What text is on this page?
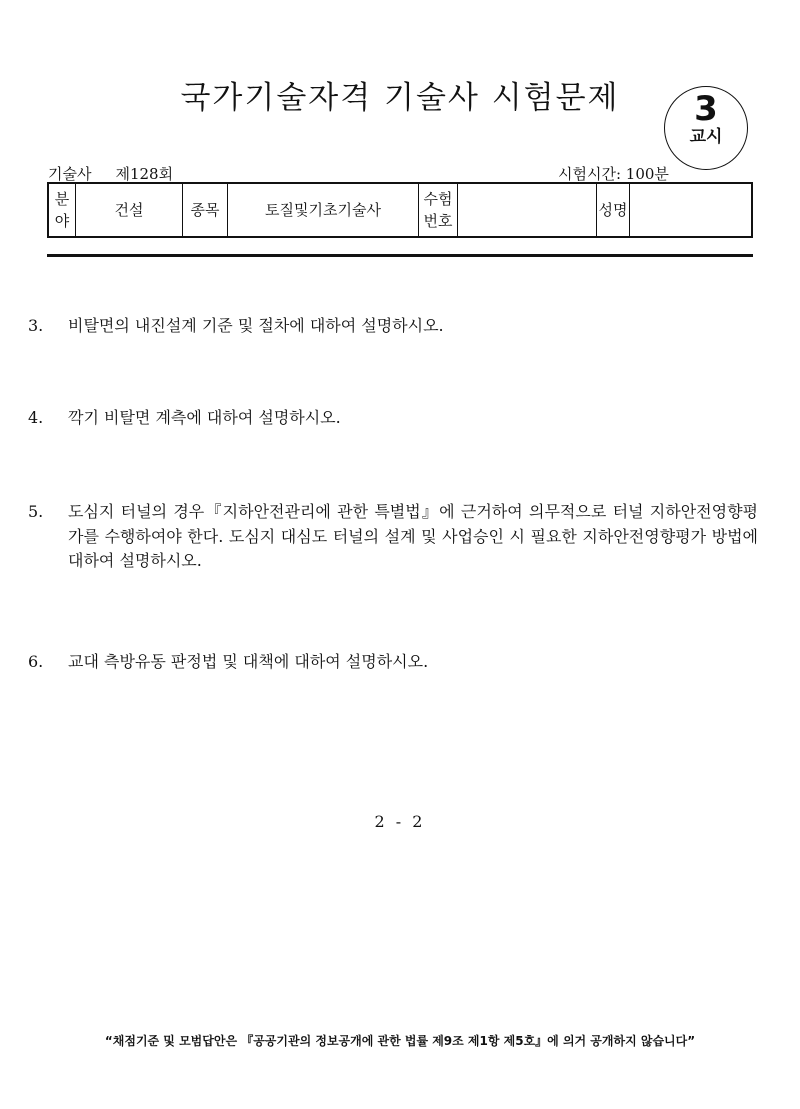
국가기술자격 기술사 시험문제	3
교시
기술사 제128회	시험시간: 100분
분야	건설	종목	토질및기초기술사	수험번호		성명	
3. 비탈면의 내진설계 기준 및 절차에 대하여 설명하시오.
4. 깍기 비탈면 계측에 대하여 설명하시오.
5. 도심지 터널의 경우『지하안전관리에 관한 특별법』에 근거하여 의무적으로 터널 지하안전영향평가를 수행하여야 한다. 도심지 대심도 터널의 설계 및 사업승인 시 필요한 지하안전영향평가 방법에 대하여 설명하시오.
6. 교대 측방유동 판정법 및 대책에 대하여 설명하시오.
2 - 2
“채점기준 및 모범답안은 『공공기관의 정보공개에 관한 법률 제9조 제1항 제5호』에 의거 공개하지 않습니다”
